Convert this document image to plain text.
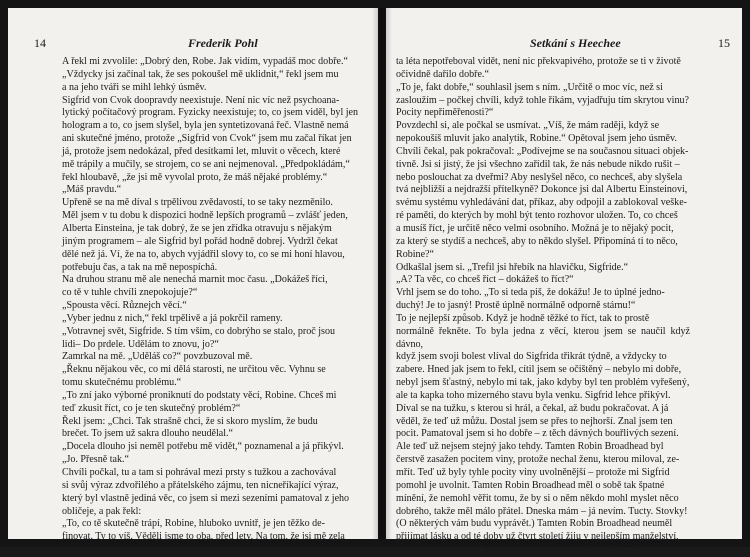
14	Frederik Pohl

A řekl mi zvvolile: „Dobrý den, Robe. Jak vidím, vypadáš moc dobře.“

„Vždycky jsi začínal tak, že ses pokoušel mě uklidnit,“ řekl jsem mu

a na jeho tváři se mihl lehký úsměv.

Sigfrid von Cvok doopravdy neexistuje. Není nic víc než psychoana-

lytický počítačový program. Fyzicky neexistuje; to, co jsem viděl, byl jen

hologram a to, co jsem slyšel, byla jen syntetizovaná řeč. Vlastně nemá

ani skutečné jméno, protože „Sigfrid von Cvok“ jsem mu začal říkat jen

já, protože jsem nedokázal, před desítkami let, mluvit o věcech, které

mě trápily a mučily, se strojem, co se ani nejmenoval. „Předpokládám,“

řekl hloubavě, „že jsi mě vyvolal proto, že máš nějaké problémy.“

„Máš pravdu.“

Upřeně se na mě díval s trpělivou zvědavostí, to se taky nezměnilo.

Měl jsem v tu dobu k dispozici hodně lepších programů – zvlášť jeden,

Alberta Einsteina, je tak dobrý, že se jen zřídka otravuju s nějakým

jiným programem – ale Sigfrid byl pořád hodně dobrej. Vydržl čekat

dělé než já. Ví, že na to, abych vyjádřil slovy to, co se mi honí hlavou,

potřebuju čas, a tak na mě nepospíchá.

Na druhou stranu mě ale nenechá marnit moc času. „Dokážeš říci,

co tě v tuhle chvíli znepokojuje?“

„Spousta věcí. Různejch věcí.“

„Vyber jednu z nich,“ řekl trpělivě a já pokrčil rameny.

„Votravnej svět, Sigfride. S tím vším, co dobrýho se stalo, proč jsou

lidi– Do prdele. Udělám to znovu, jo?“

Zamrkal na mě. „Uděláš co?“ povzbuzoval mě.

„Řeknu nějakou věc, co mi dělá starosti, ne určitou věc. Vyhnu se

tomu skutečnému problému.“

„To zní jako výborné proniknutí do podstaty věcí, Robine. Chceš mi

teď zkusit říct, co je ten skutečný problém?“

Řekl jsem: „Chci. Tak strašně chci, že si skoro myslím, že budu

brečet. To jsem už sakra dlouho neudělal.“

„Docela dlouho jsi neměl potřebu mě vidět,“ poznamenal a já přikývl.

„Jo. Přesně tak.“

Chvíli počkal, tu a tam si pohrával mezi prsty s tužkou a zachovával

si svůj výraz zdvořilého a přátelského zájmu, ten nicneříkající výraz,

který byl vlastně jediná věc, co jsem si mezi sezeními pamatoval z jeho

obličeje, a pak řekl:

„To, co tě skutečně trápí, Robine, hluboko uvnitř, je jen těžko de-

finovat. Ty to víš. Věděli jsme to oba, před lety. Na tom, že jsi mě zela

Setkání s Heechee	15

ta léta nepotřeboval vidět, není nic překvapivého, protože se ti v životě

očividně dařilo dobře.“

„To je, fakt dobře,“ souhlasil jsem s ním. „Určitě o moc víc, než si

zasloužím – počkej chvíli, když tohle říkám, vyjadřuju tím skrytou vinu?

Pocity nepřiměřenosti?“

Povzdechl si, ale počkal se usmívat. „Víš, že mám raději, když se

nepokoušíš mluvit jako analytik, Robine.“ Opětoval jsem jeho úsměv.

Chvíli čekal, pak pokračoval: „Podívejme se na současnou situaci objek-

tivně. Jsi si jistý, že jsi všechno zařídil tak, že nás nebude nikdo rušit –

nebo poslouchat za dveřmi? Aby neslyšel něco, co nechceš, aby slyšela

tvá nejbližší a nejdražší přítelkyně? Dokonce jsi dal Albertu Einsteinovi,

svému systému vyhledávání dat, příkaz, aby odpojil a zablokoval veške-

ré paměti, do kterých by mohl být tento rozhovor uložen. To, co chceš

a musíš říct, je určitě něco velmi osobního. Možná je to nějaký pocit,

za který se stydíš a nechceš, aby to někdo slyšel. Připomíná ti to něco,

Robine?“

Odkašlal jsem si. „Trefil jsi hřebík na hlavičku, Sigfride.“

„A? Ta věc, co chceš říct – dokážeš to říct?“

Vrhl jsem se do toho. „To si teda piš, že dokážu! Je to úplné jedno-

duchý! Je to jasný! Prostě úplně normálně odporně stárnu!“

To je nejlepší způsob. Když je hodně těžké to říct, tak to prostě

normálně řekněte. To byla jedna z věcí, kterou jsem se naučil když dávno,

když jsem svoji bolest vlíval do Sigfrida třikrát týdně, a vždycky to

zabere. Hned jak jsem to řekl, cítil jsem se očištěný – nebylo mi dobře,

nebyl jsem šťastný, nebylo mi tak, jako kdyby byl ten problém vyřešený,

ale ta kapka toho mizerného stavu byla venku. Sigfrid lehce přikývl.

Díval se na tužku, s kterou si hrál, a čekal, až budu pokračovat. A já

věděl, že teď už můžu. Dostal jsem se přes to nejhorší. Znal jsem ten

pocit. Pamatoval jsem si ho dobře – z těch dávných bouřlivých sezení.

Ale teď už nejsem stejný jako tehdy. Tamten Robin Broadhead byl

čerstvě zasažen pocitem viny, protože nechal ženu, kterou miloval, ze-

mřít. Teď už byly tyhle pocity viny uvolněnější – protože mi Sigfrid

pomohl je uvolnit. Tamten Robin Broadhead měl o sobě tak špatné

mínění, že nemohl věřit tomu, že by si o něm někdo mohl myslet něco

dobrého, takže měl málo přátel. Dneska mám – já nevím. Tucty. Stovky!

(O některých vám budu vyprávět.) Tamten Robin Broadhead neuměl

přijímat lásku a od té doby už čtvrt století žiju v nejlepším manželství,

jaké kdy existovalo. Takže jsem byl úplně jiný Robin Broadhead.
